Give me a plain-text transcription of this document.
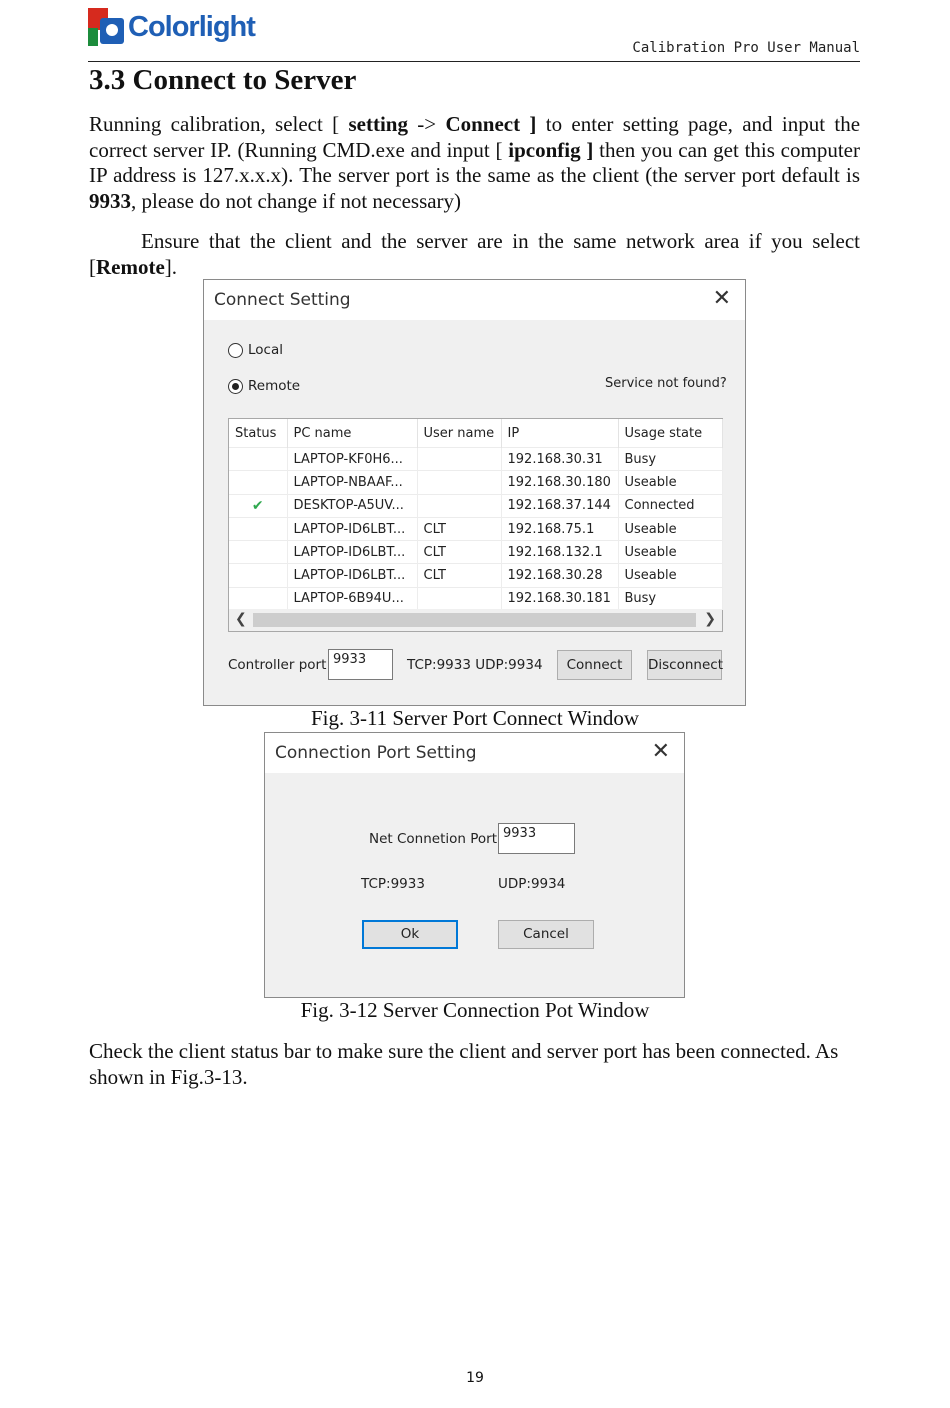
Colorlight
Calibration Pro User Manual
3.3 Connect to Server
Running calibration, select [ setting -> Connect ] to enter setting page, and input the correct server IP. (Running CMD.exe and input [ ipconfig ] then you can get this computer IP address is 127.x.x.x). The server port is the same as the client (the server port default is 9933, please do not change if not necessary)
Ensure that the client and the server are in the same network area if you select [Remote].
Connect Setting	✕
Local
Remote	Service not found?
Status	PC name	User name	IP	Usage state
	LAPTOP-KF0H6...		192.168.30.31	Busy
	LAPTOP-NBAAF...		192.168.30.180	Useable
✔	DESKTOP-A5UV...		192.168.37.144	Connected
	LAPTOP-ID6LBT...	CLT	192.168.75.1	Useable
	LAPTOP-ID6LBT...	CLT	192.168.132.1	Useable
	LAPTOP-ID6LBT...	CLT	192.168.30.28	Useable
	LAPTOP-6B94U...		192.168.30.181	Busy
❮	❯
Controller port 9933	TCP:9933 UDP:9934	Connect	Disconnect
Fig. 3-11 Server Port Connect Window
Connection Port Setting	✕
Net Connetion Port 9933
TCP:9933	UDP:9934
Ok	Cancel
Fig. 3-12 Server Connection Pot Window
Check the client status bar to make sure the client and server port has been connected. As shown in Fig.3-13.
19
